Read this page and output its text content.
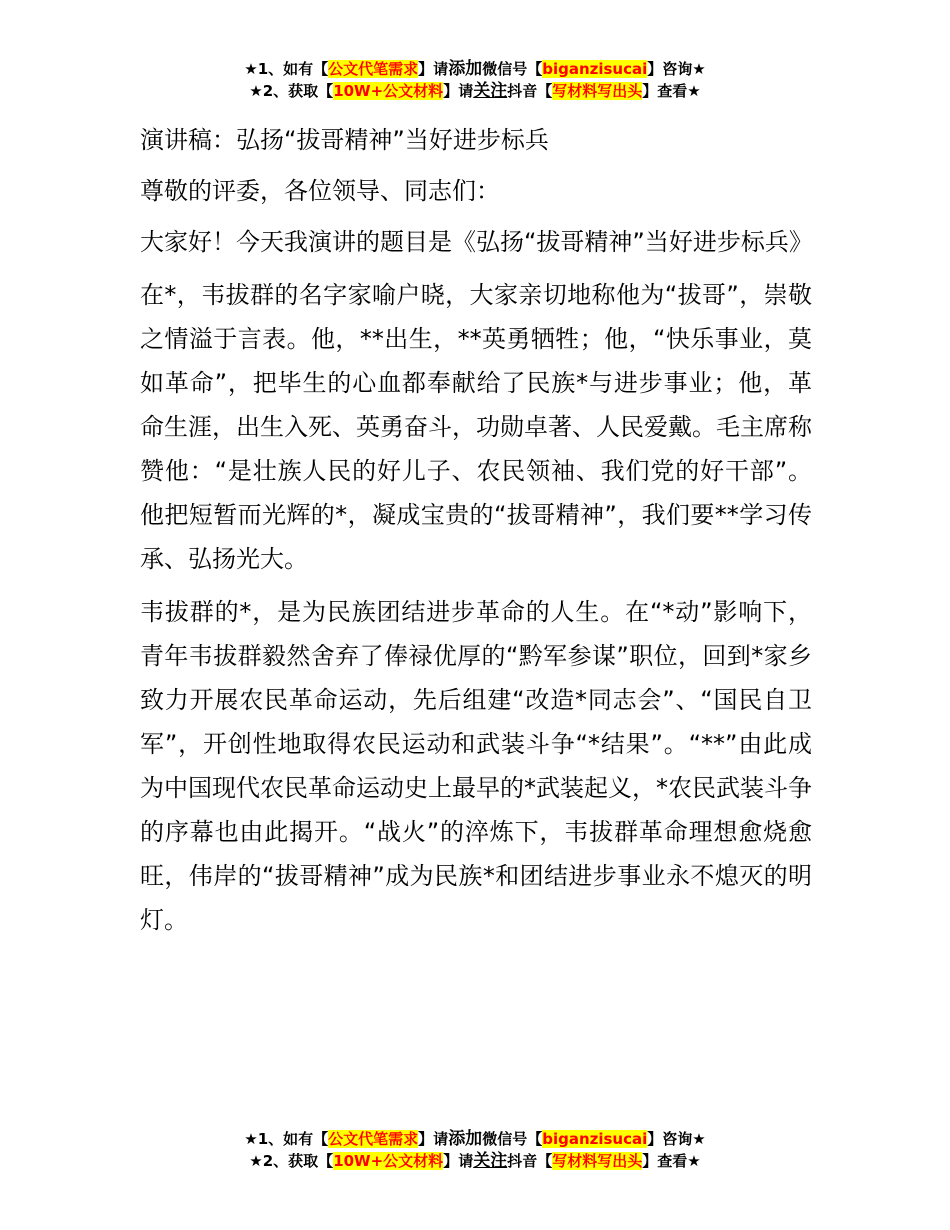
★1、如有【公文代笔需求】请添加微信号【biganzisucai】咨询★
★2、获取【10W+公文材料】请关注抖音【写材料写出头】查看★

演讲稿：弘扬“拔哥精神”当好进步标兵

尊敬的评委，各位领导、同志们：

大家好！今天我演讲的题目是《弘扬“拔哥精神”当好进步标兵》

在*，韦拔群的名字家喻户晓，大家亲切地称他为“拔哥”，崇敬之情溢于言表。他，**出生，**英勇牺牲；他，“快乐事业，莫如革命”，把毕生的心血都奉献给了民族*与进步事业；他，革命生涯，出生入死、英勇奋斗，功勋卓著、人民爱戴。毛主席称赞他：“是壮族人民的好儿子、农民领袖、我们党的好干部”。他把短暂而光辉的*，凝成宝贵的“拔哥精神”，我们要**学习传承、弘扬光大。

韦拔群的*，是为民族团结进步革命的人生。在“*动”影响下，青年韦拔群毅然舍弃了俸禄优厚的“黔军参谋”职位，回到*家乡致力开展农民革命运动，先后组建“改造*同志会”、“国民自卫军”，开创性地取得农民运动和武装斗争“*结果”。“**”由此成为中国现代农民革命运动史上最早的*武装起义，*农民武装斗争的序幕也由此揭开。“战火”的淬炼下，韦拔群革命理想愈烧愈旺，伟岸的“拔哥精神”成为民族*和团结进步事业永不熄灭的明灯。

★1、如有【公文代笔需求】请添加微信号【biganzisucai】咨询★
★2、获取【10W+公文材料】请关注抖音【写材料写出头】查看★
